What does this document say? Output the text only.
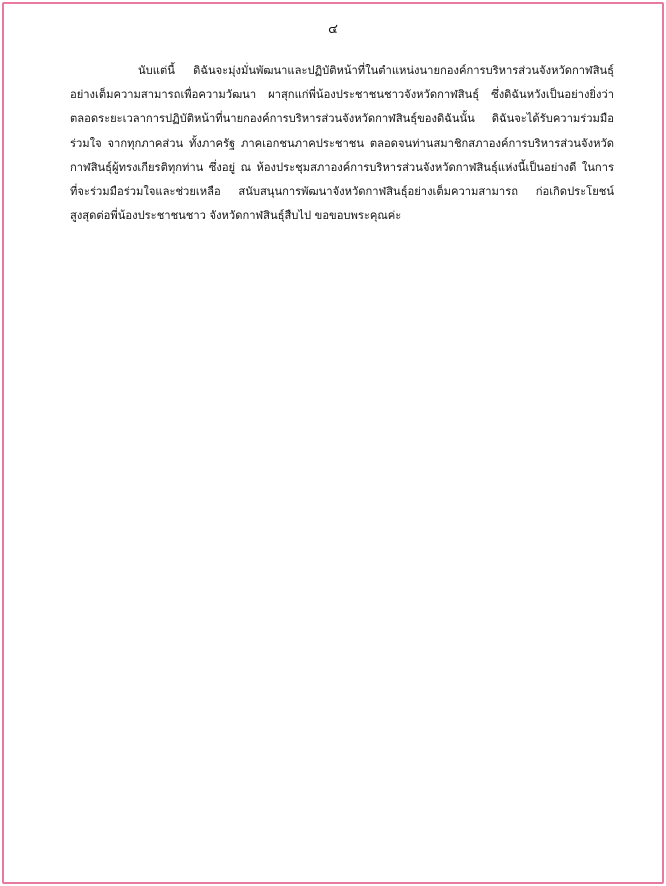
๔
นับแต่นี้ ดิฉันจะมุ่งมั่นพัฒนาและปฏิบัติหน้าที่ในตำแหน่งนายกองค์การบริหารส่วนจังหวัดกาฬสินธุ์
อย่างเต็มความสามารถเพื่อความวัฒนา ผาสุกแก่พี่น้องประชาชนชาวจังหวัดกาฬสินธุ์ ซึ่งดิฉันหวังเป็นอย่างยิ่งว่า
ตลอดระยะเวลาการปฏิบัติหน้าที่นายกองค์การบริหารส่วนจังหวัดกาฬสินธุ์ของดิฉันนั้น ดิฉันจะได้รับความร่วมมือ
ร่วมใจ จากทุกภาคส่วน ทั้งภาครัฐ ภาคเอกชนภาคประชาชน ตลอดจนท่านสมาชิกสภาองค์การบริหารส่วนจังหวัด
กาฬสินธุ์ผู้ทรงเกียรติทุกท่าน ซึ่งอยู่ ณ ห้องประชุมสภาองค์การบริหารส่วนจังหวัดกาฬสินธุ์แห่งนี้เป็นอย่างดี ในการ
ที่จะร่วมมือร่วมใจและช่วยเหลือ สนับสนุนการพัฒนาจังหวัดกาฬสินธุ์อย่างเต็มความสามารถ ก่อเกิดประโยชน์
สูงสุดต่อพี่น้องประชาชนชาว จังหวัดกาฬสินธุ์สืบไป ขอขอบพระคุณค่ะ
